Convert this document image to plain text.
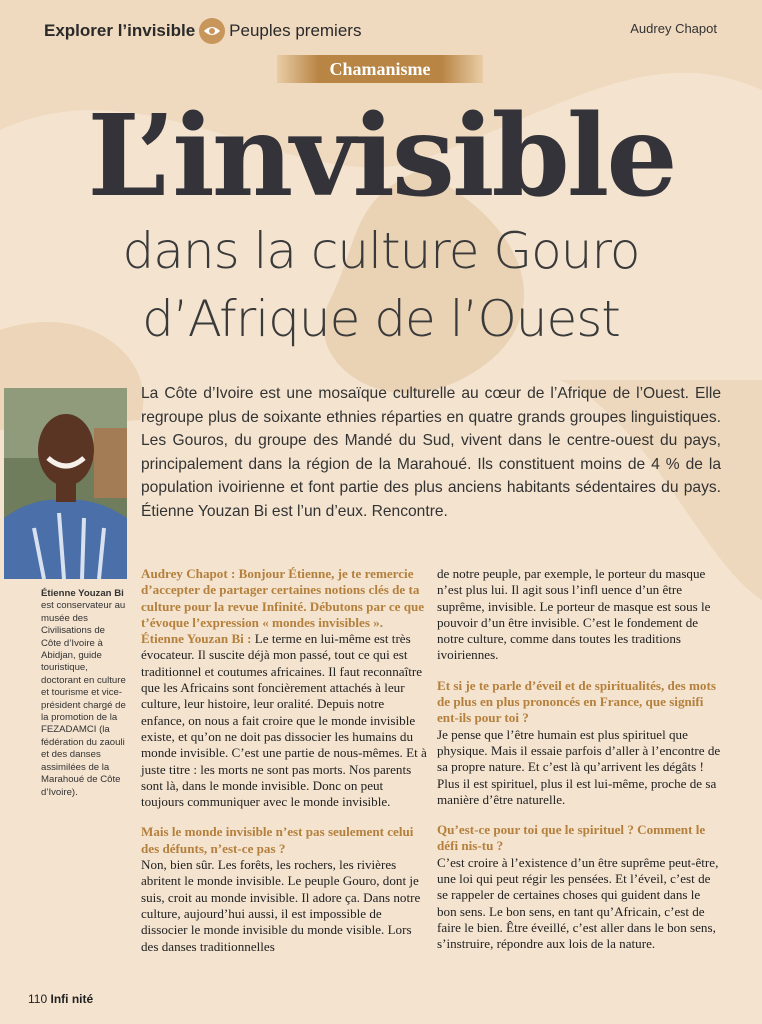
Explorer l’invisible Peuples premiers	Audrey Chapot
Chamanisme
L’invisible
dans la culture Gouro
d’Afrique de l’Ouest
La Côte d’Ivoire est une mosaïque culturelle au cœur de l’Afrique de l’Ouest. Elle regroupe plus de soixante ethnies réparties en quatre grands groupes linguistiques. Les Gouros, du groupe des Mandé du Sud, vivent dans le centre-ouest du pays, principalement dans la région de la Marahoué. Ils constituent moins de 4 % de la population ivoirienne et font partie des plus anciens habitants sédentaires du pays. Étienne Youzan Bi est l’un d’eux. Rencontre.
Étienne Youzan Bi
est conservateur au musée des Civilisations de Côte d’Ivoire à Abidjan, guide touristique, doctorant en culture et tourisme et vice-président chargé de la promotion de la FEZADAMCI (la fédération du zaouli et des danses assimilées de la Marahoué de Côte d’Ivoire).

Audrey Chapot : Bonjour Étienne, je te remercie d’accepter de partager certaines notions clés de ta culture pour la revue Infinité. Débutons par ce que t’évoque l’expression « mondes invisibles ».

Étienne Youzan Bi : Le terme en lui-même est très évocateur. Il suscite déjà mon passé, tout ce qui est traditionnel et coutumes africaines. Il faut reconnaître que les Africains sont foncièrement attachés à leur culture, leur histoire, leur oralité. Depuis notre enfance, on nous a fait croire que le monde invisible existe, et qu’on ne doit pas dissocier les humains du monde invisible. C’est une partie de nous-mêmes. Et à juste titre : les morts ne sont pas morts. Nos parents sont là, dans le monde invisible. Donc on peut toujours communiquer avec le monde invisible.

Mais le monde invisible n’est pas seulement celui des défunts, n’est-ce pas ?

Non, bien sûr. Les forêts, les rochers, les rivières abritent le monde invisible. Le peuple Gouro, dont je suis, croit au monde invisible. Il adore ça. Dans notre culture, aujourd’hui aussi, il est impossible de dissocier le monde invisible du monde visible. Lors des danses traditionnelles

de notre peuple, par exemple, le porteur du masque n’est plus lui. Il agit sous l’infl uence d’un être suprême, invisible. Le porteur de masque est sous le pouvoir d’un être invisible. C’est le fondement de notre culture, comme dans toutes les traditions ivoiriennes.

Et si je te parle d’éveil et de spiritualités, des mots de plus en plus prononcés en France, que signifi ent-ils pour toi ?

Je pense que l’être humain est plus spirituel que physique. Mais il essaie parfois d’aller à l’encontre de sa propre nature. Et c’est là qu’arrivent les dégâts ! Plus il est spirituel, plus il est lui-même, proche de sa manière d’être naturelle.

Qu’est-ce pour toi que le spirituel ? Comment le défi nis-tu ?

C’est croire à l’existence d’un être suprême peut-être, une loi qui peut régir les pensées. Et l’éveil, c’est de se rappeler de certaines choses qui guident dans le bon sens. Le bon sens, en tant qu’Africain, c’est de faire le bien. Être éveillé, c’est aller dans le bon sens, s’instruire, répondre aux lois de la nature.

110 Infi nité
